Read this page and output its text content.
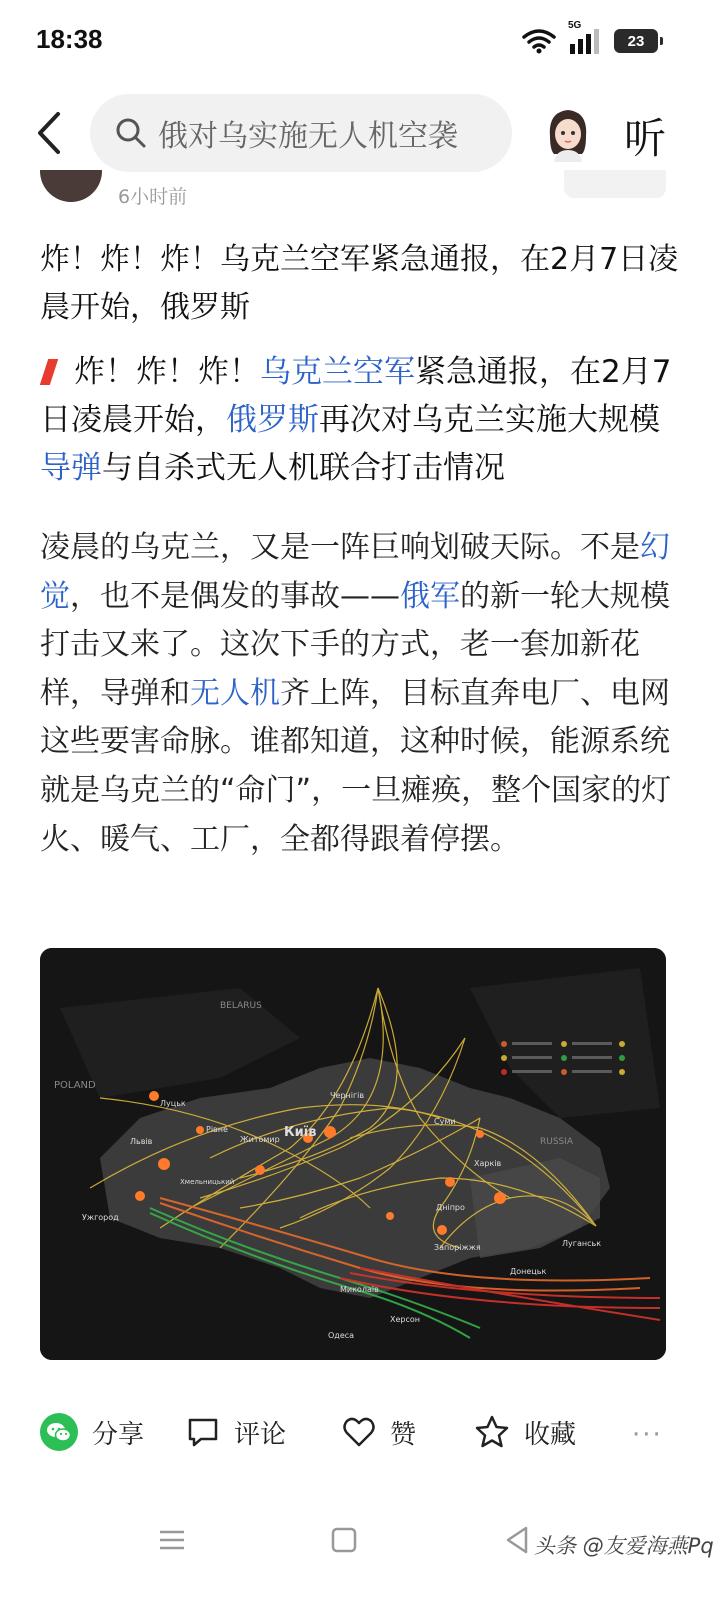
18:38	5G
23
俄对乌实施无人机空袭	听
6小时前
炸！炸！炸！乌克兰空军紧急通报，在2月7日凌晨开始，俄罗斯
炸！炸！炸！乌克兰空军紧急通报，在2月7日凌晨开始，俄罗斯再次对乌克兰实施大规模导弹与自杀式无人机联合打击情况
凌晨的乌克兰，又是一阵巨响划破天际。不是幻觉，也不是偶发的事故——俄军的新一轮大规模打击又来了。这次下手的方式，老一套加新花样，导弹和无人机齐上阵，目标直奔电厂、电网这些要害命脉。谁都知道，这种时候，能源系统就是乌克兰的“命门”，一旦瘫痪，整个国家的灯火、暖气、工厂，全都得跟着停摆。
Київ
POLAND
BELARUS
RUSSIA
Луцьк
Рівне
Львів	Житомир
Чернігів
Суми
Харків
Дніпро
Запоріжжя
Миколаїв
Одеса
Ужгород
Луганськ
Донецьк
Хмельницький
Херсон
分享	评论	赞	收藏 ···
头条 @友爱海燕Pq
